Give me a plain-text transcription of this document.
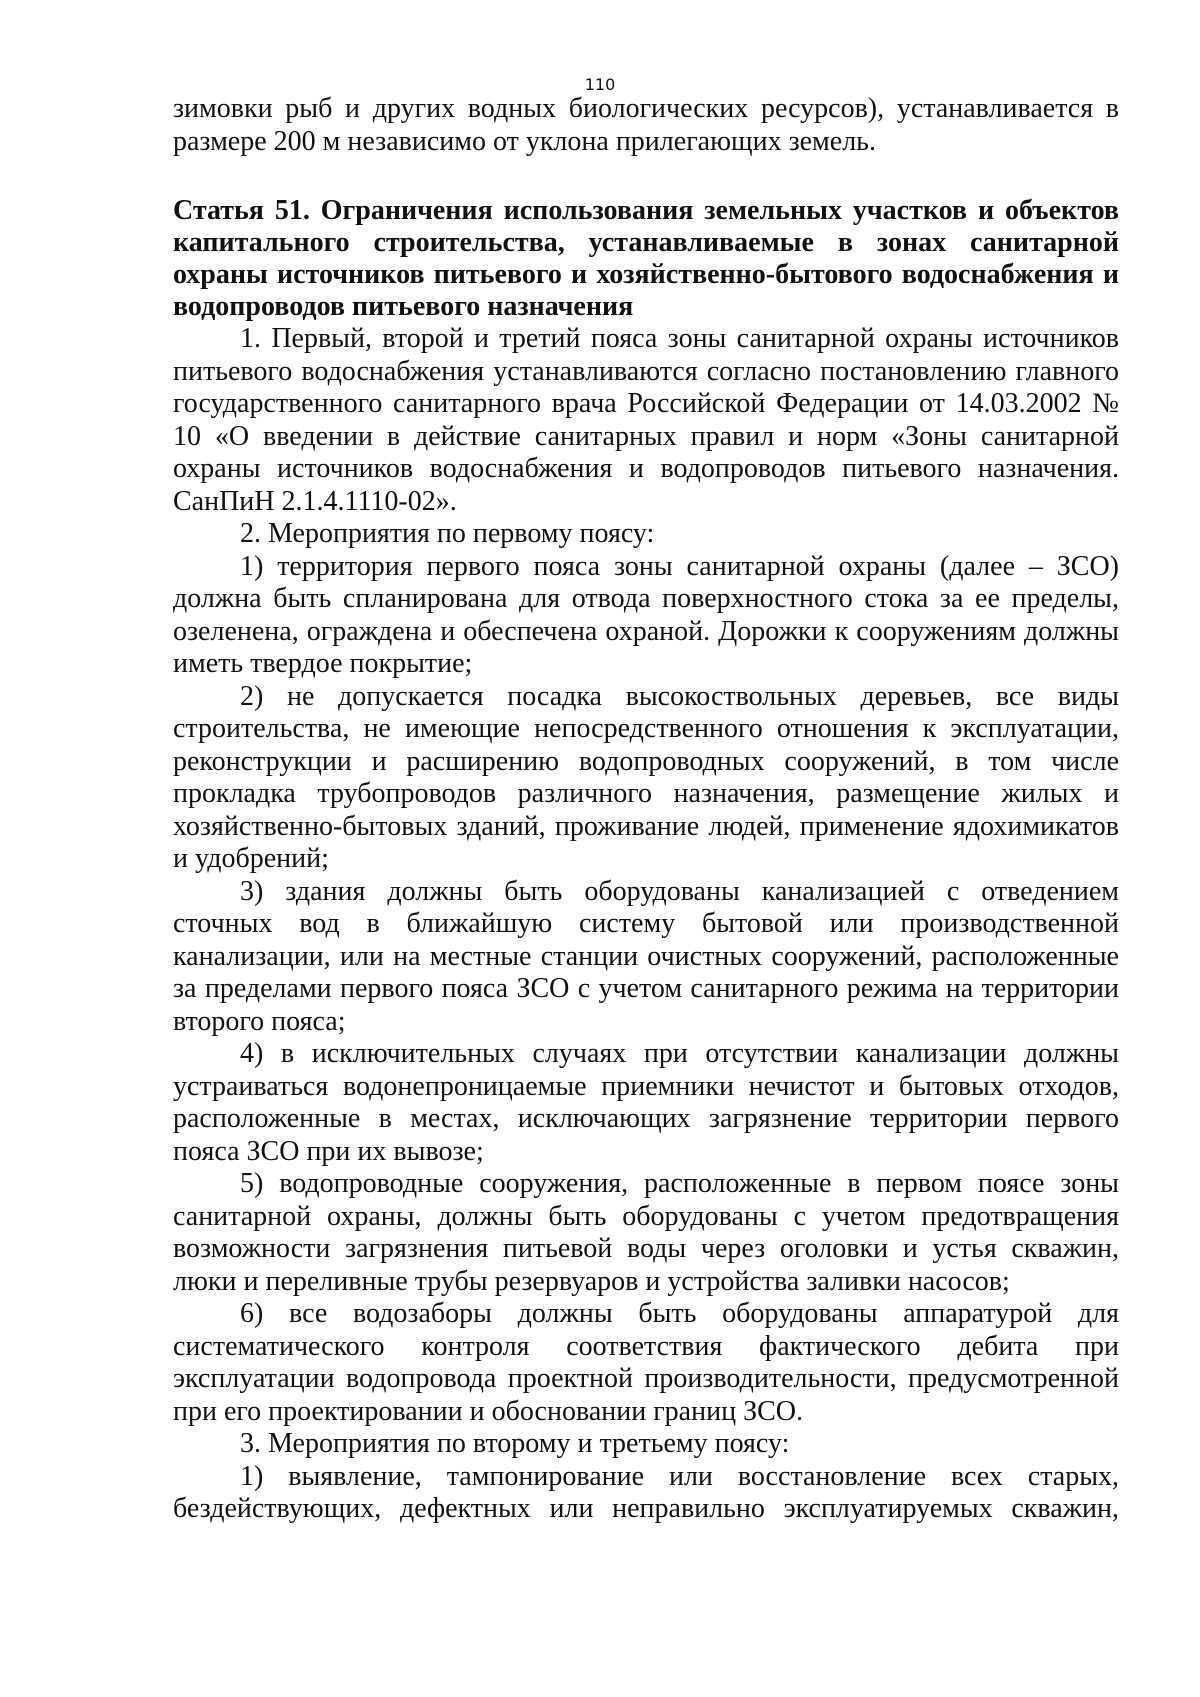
110

зимовки рыб и других водных биологических ресурсов), устанавливается в размере 200 м независимо от уклона прилегающих земель.

Статья 51. Ограничения использования земельных участков и объектов капитального строительства, устанавливаемые в зонах санитарной охраны источников питьевого и хозяйственно-бытового водоснабжения и водопроводов питьевого назначения

1. Первый, второй и третий пояса зоны санитарной охраны источников питьевого водоснабжения устанавливаются согласно постановлению главного государственного санитарного врача Российской Федерации от 14.03.2002 № 10 «О введении в действие санитарных правил и норм «Зоны санитарной охраны источников водоснабжения и водопроводов питьевого назначения. СанПиН 2.1.4.1110-02».

2. Мероприятия по первому поясу:

1) территория первого пояса зоны санитарной охраны (далее – ЗСО) должна быть спланирована для отвода поверхностного стока за ее пределы, озеленена, ограждена и обеспечена охраной. Дорожки к сооружениям должны иметь твердое покрытие;

2) не допускается посадка высокоствольных деревьев, все виды строительства, не имеющие непосредственного отношения к эксплуатации, реконструкции и расширению водопроводных сооружений, в том числе прокладка трубопроводов различного назначения, размещение жилых и хозяйственно-бытовых зданий, проживание людей, применение ядохимикатов и удобрений;

3) здания должны быть оборудованы канализацией с отведением сточных вод в ближайшую систему бытовой или производственной канализации, или на местные станции очистных сооружений, расположенные за пределами первого пояса ЗСО с учетом санитарного режима на территории второго пояса;

4) в исключительных случаях при отсутствии канализации должны устраиваться водонепроницаемые приемники нечистот и бытовых отходов, расположенные в местах, исключающих загрязнение территории первого пояса ЗСО при их вывозе;

5) водопроводные сооружения, расположенные в первом поясе зоны санитарной охраны, должны быть оборудованы с учетом предотвращения возможности загрязнения питьевой воды через оголовки и устья скважин, люки и переливные трубы резервуаров и устройства заливки насосов;

6) все водозаборы должны быть оборудованы аппаратурой для систематического контроля соответствия фактического дебита при эксплуатации водопровода проектной производительности, предусмотренной при его проектировании и обосновании границ ЗСО.

3. Мероприятия по второму и третьему поясу:

1) выявление, тампонирование или восстановление всех старых, бездействующих, дефектных или неправильно эксплуатируемых скважин,
